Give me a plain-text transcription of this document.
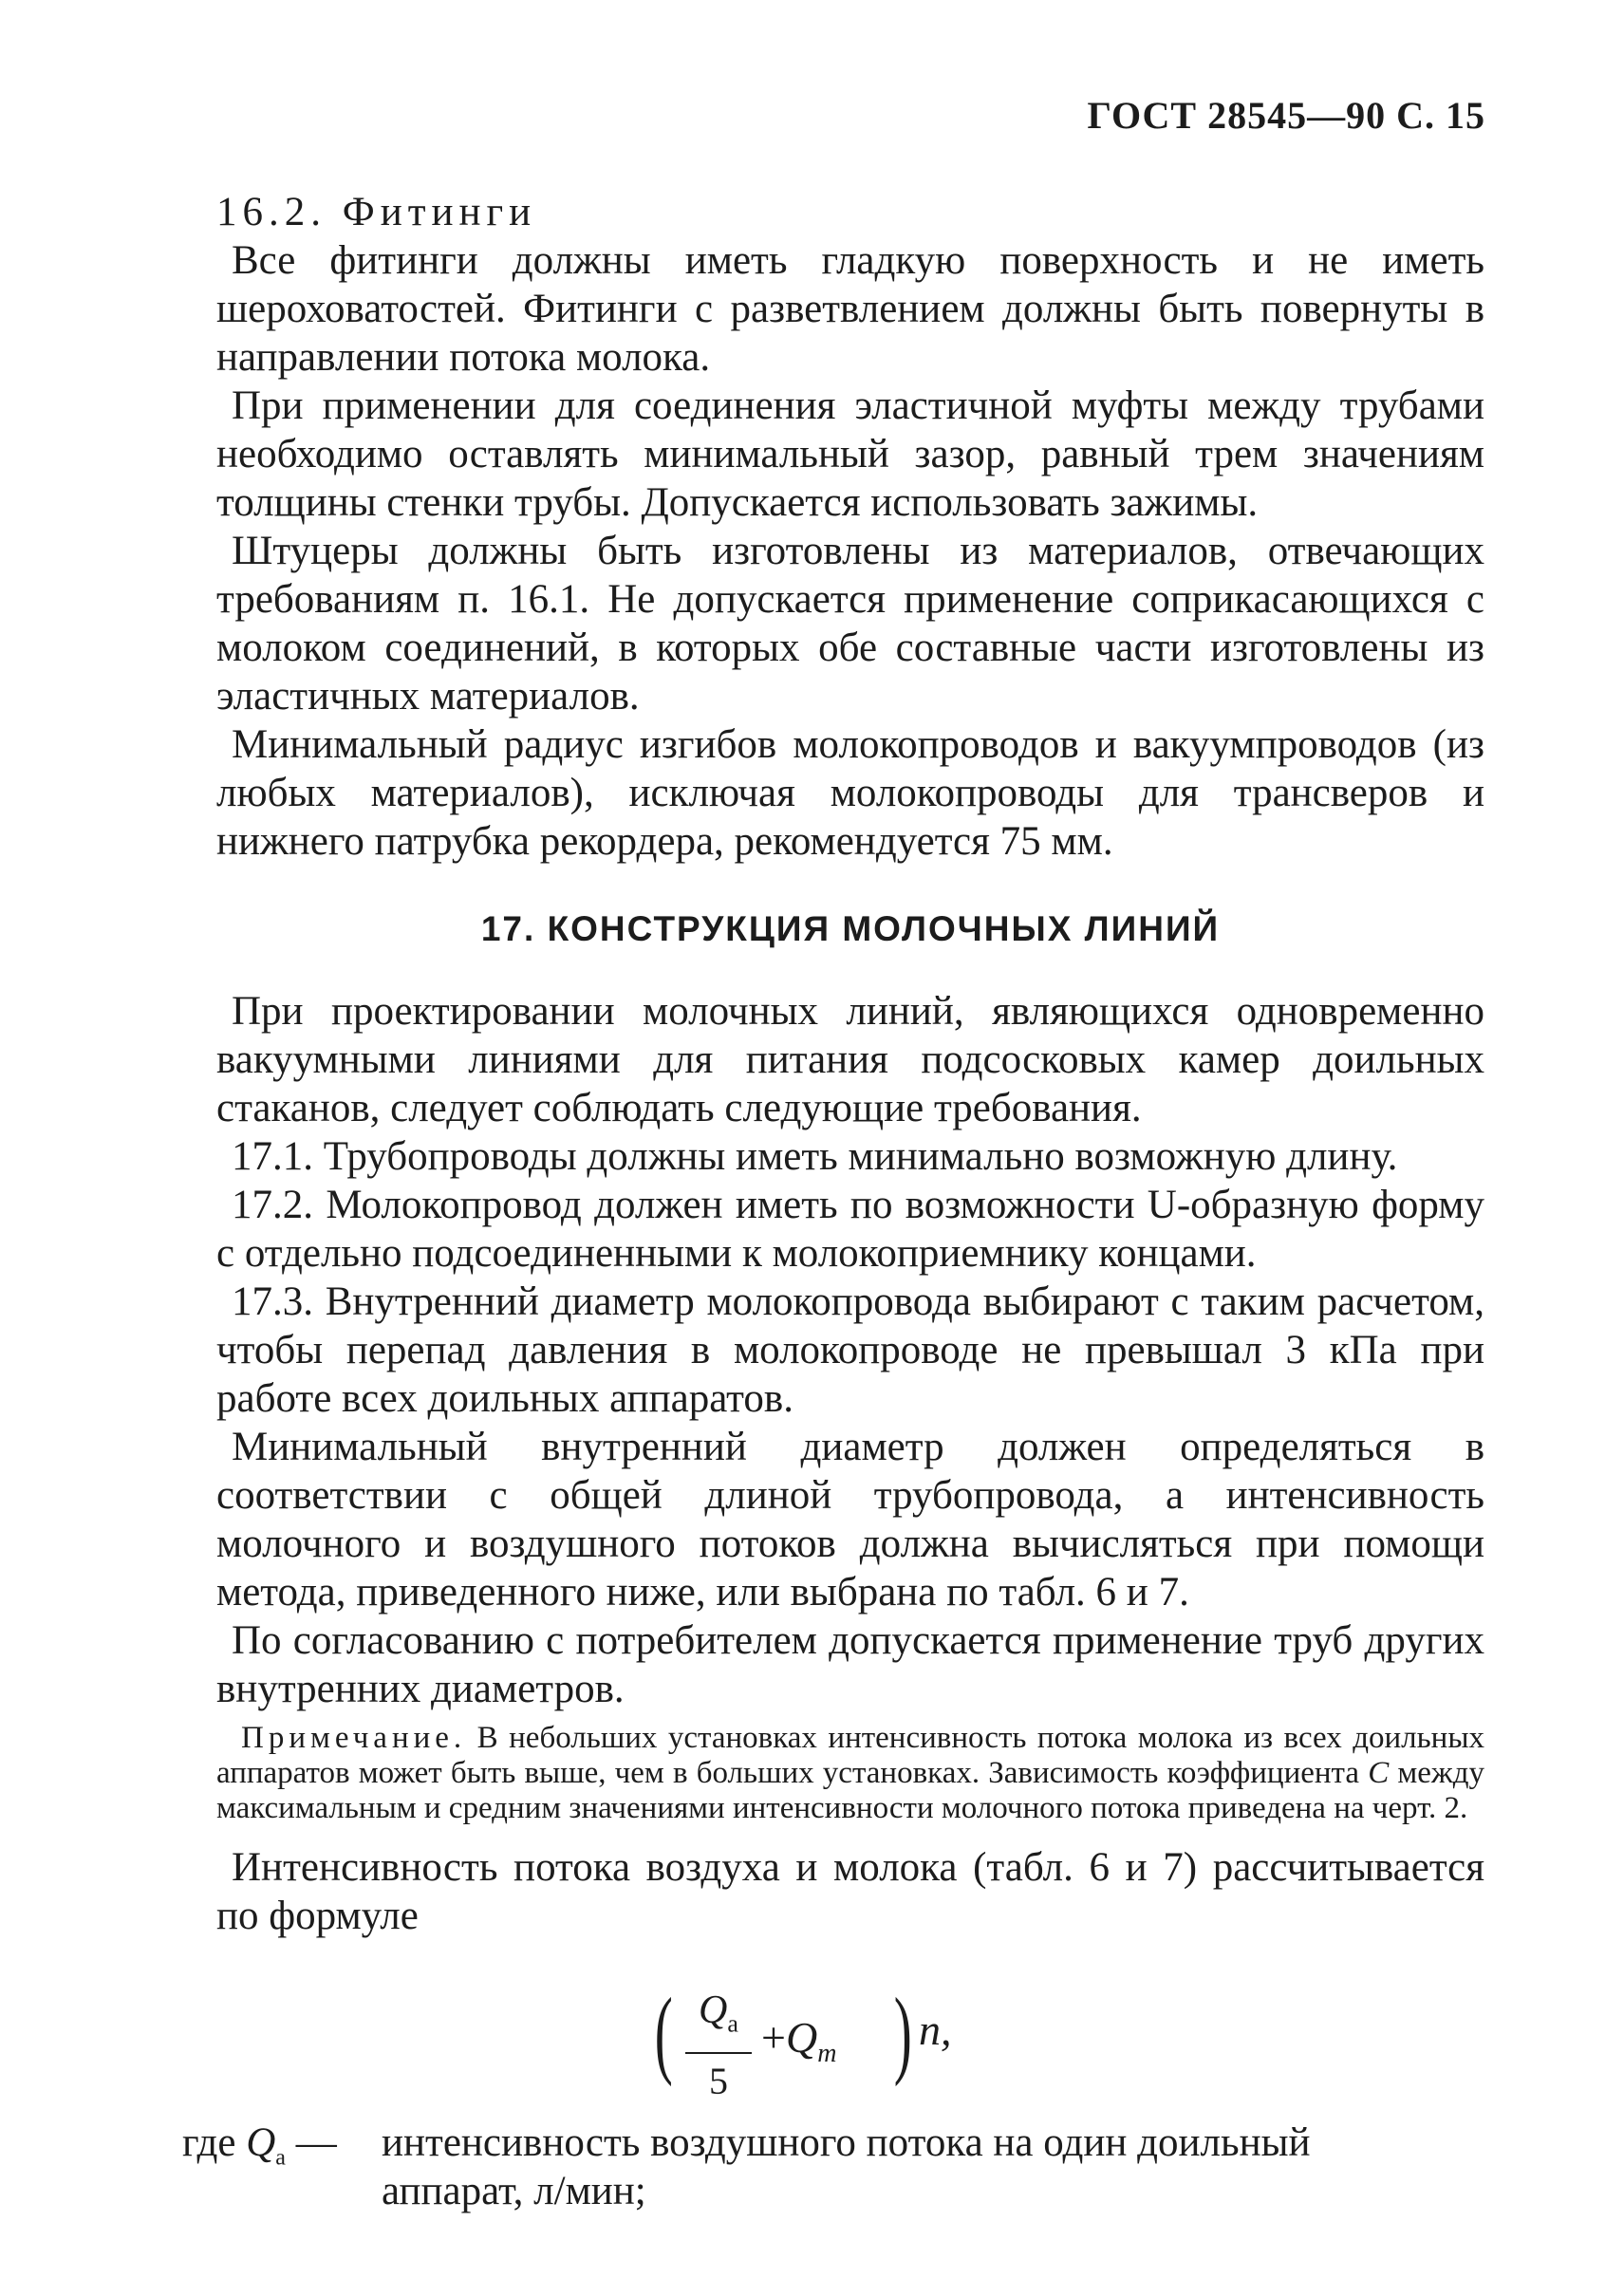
ГОСТ 28545—90 С. 15

16.2. Фитинги

Все фитинги должны иметь гладкую поверхность и не иметь шероховатостей. Фитинги с разветвлением должны быть повернуты в направлении потока молока.

При применении для соединения эластичной муфты между трубами необходимо оставлять минимальный зазор, равный трем значениям толщины стенки трубы. Допускается использовать зажимы.

Штуцеры должны быть изготовлены из материалов, отвечающих требованиям п. 16.1. Не допускается применение соприкасающихся с молоком соединений, в которых обе составные части изготовлены из эластичных материалов.

Минимальный радиус изгибов молокопроводов и вакуумпроводов (из любых материалов), исключая молокопроводы для трансверов и нижнего патрубка рекордера, рекомендуется 75 мм.

17. КОНСТРУКЦИЯ МОЛОЧНЫХ ЛИНИЙ

При проектировании молочных линий, являющихся одновременно вакуумными линиями для питания подсосковых камер доильных стаканов, следует соблюдать следующие требования.

17.1. Трубопроводы должны иметь минимально возможную длину.

17.2. Молокопровод должен иметь по возможности U-образную форму с отдельно подсоединенными к молокоприемнику концами.

17.3. Внутренний диаметр молокопровода выбирают с таким расчетом, чтобы перепад давления в молокопроводе не превышал 3 кПа при работе всех доильных аппаратов.

Минимальный внутренний диаметр должен определяться в соответствии с общей длиной трубопровода, а интенсивность молочного и воздушного потоков должна вычисляться при помощи метода, приведенного ниже, или выбрана по табл. 6 и 7.

По согласованию с потребителем допускается применение труб других внутренних диаметров.

Примечание. В небольших установках интенсивность потока молока из всех доильных аппаратов может быть выше, чем в больших установках. Зависимость коэффициента C между максимальным и средним значениями интенсивности молочного потока приведена на черт. 2.

Интенсивность потока воздуха и молока (табл. 6 и 7) рассчитывается по формуле

( $Q_а$
5
$+Q_m$ ) n,
где $Q_а$ — интенсивность воздушного потока на один доильный
аппарат, л/мин;
